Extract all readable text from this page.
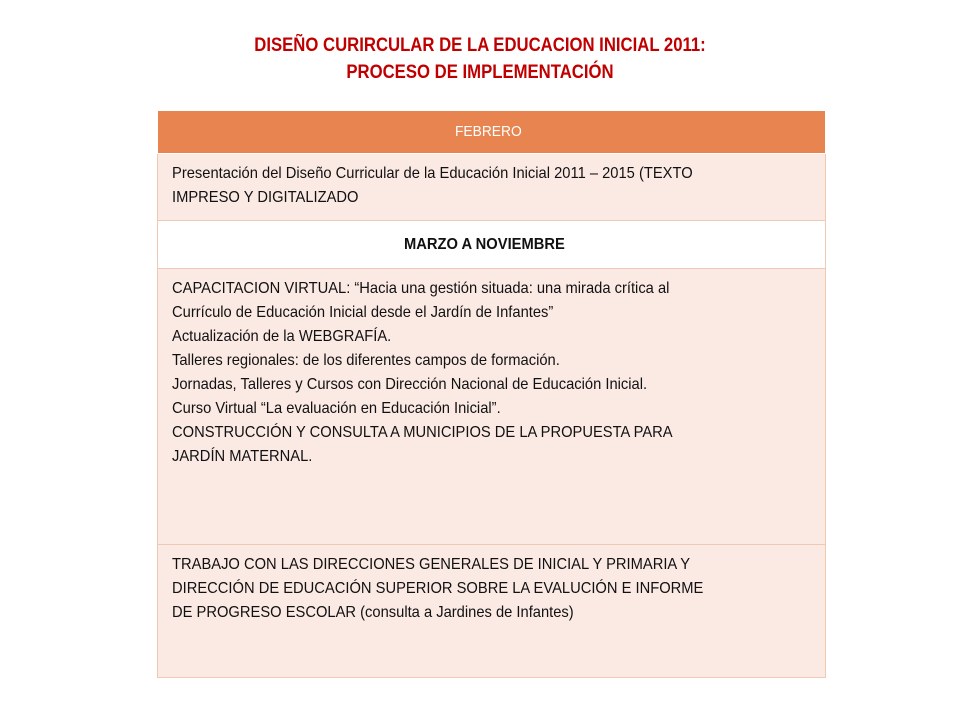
DISEÑO CURIRCULAR DE LA EDUCACION INICIAL 2011:
PROCESO DE IMPLEMENTACIÓN
FEBRERO

Presentación del Diseño Curricular de la Educación Inicial 2011 – 2015 (TEXTO
IMPRESO Y DIGITALIZADO

MARZO A NOVIEMBRE

CAPACITACION VIRTUAL: “Hacia una gestión situada: una mirada crítica al
Currículo de Educación Inicial desde el Jardín de Infantes”
Actualización de la WEBGRAFÍA.
Talleres regionales: de los diferentes campos de formación.
Jornadas, Talleres y Cursos con Dirección Nacional de Educación Inicial.
Curso Virtual “La evaluación en Educación Inicial”.
CONSTRUCCIÓN Y CONSULTA A MUNICIPIOS DE LA PROPUESTA PARA
JARDÍN MATERNAL.

TRABAJO CON LAS DIRECCIONES GENERALES DE INICIAL Y PRIMARIA Y
DIRECCIÓN DE EDUCACIÓN SUPERIOR SOBRE LA EVALUCIÓN E INFORME
DE PROGRESO ESCOLAR (consulta a Jardines de Infantes)
